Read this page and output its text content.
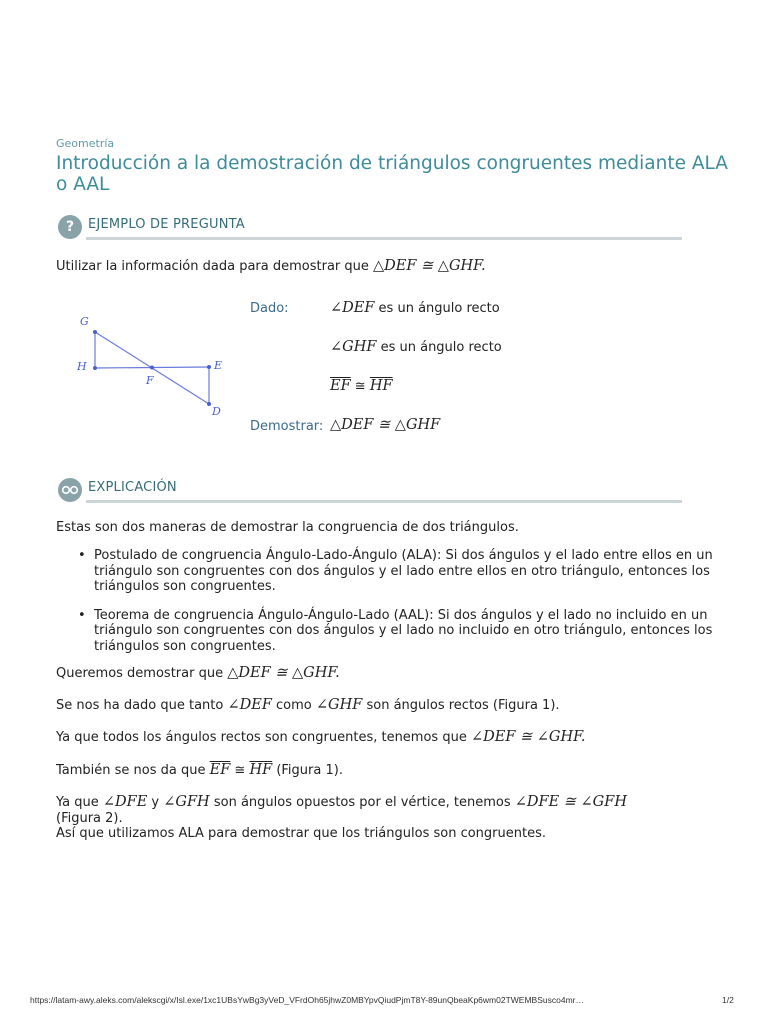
Geometría
Introducción a la demostración de triángulos congruentes mediante ALA o AAL
?	EJEMPLO DE PREGUNTA
Utilizar la información dada para demostrar que △DEF ≅ △GHF.
G
H
F
E
D
Dado:	∠DEF es un ángulo recto
∠GHF es un ángulo recto
$\overline{EF}$ ≅ $\overline{HF}$
Demostrar: △DEF ≅ △GHF
EXPLICACIÓN
Estas son dos maneras de demostrar la congruencia de dos triángulos.
• Postulado de congruencia Ángulo-Lado-Ángulo (ALA): Si dos ángulos y el lado entre ellos en un triángulo son congruentes con dos ángulos y el lado entre ellos en otro triángulo, entonces los triángulos son congruentes.
• Teorema de congruencia Ángulo-Ángulo-Lado (AAL): Si dos ángulos y el lado no incluido en un triángulo son congruentes con dos ángulos y el lado no incluido en otro triángulo, entonces los triángulos son congruentes.
Queremos demostrar que △DEF ≅ △GHF.
Se nos ha dado que tanto ∠DEF como ∠GHF son ángulos rectos (Figura 1).
Ya que todos los ángulos rectos son congruentes, tenemos que ∠DEF ≅ ∠GHF.
También se nos da que $\overline{EF}$ ≅ $\overline{HF}$ (Figura 1).
Ya que ∠DFE y ∠GFH son ángulos opuestos por el vértice, tenemos ∠DFE ≅ ∠GFH
(Figura 2).
Así que utilizamos ALA para demostrar que los triángulos son congruentes.
https://latam-awy.aleks.com/alekscgi/x/Isl.exe/1xc1UBsYwBg3yVeD_VFrdOh65jhwZ0MBYpvQiudPjmT8Y-89unQbeaKp6wm02TWEMBSusco4mr…	1/2
